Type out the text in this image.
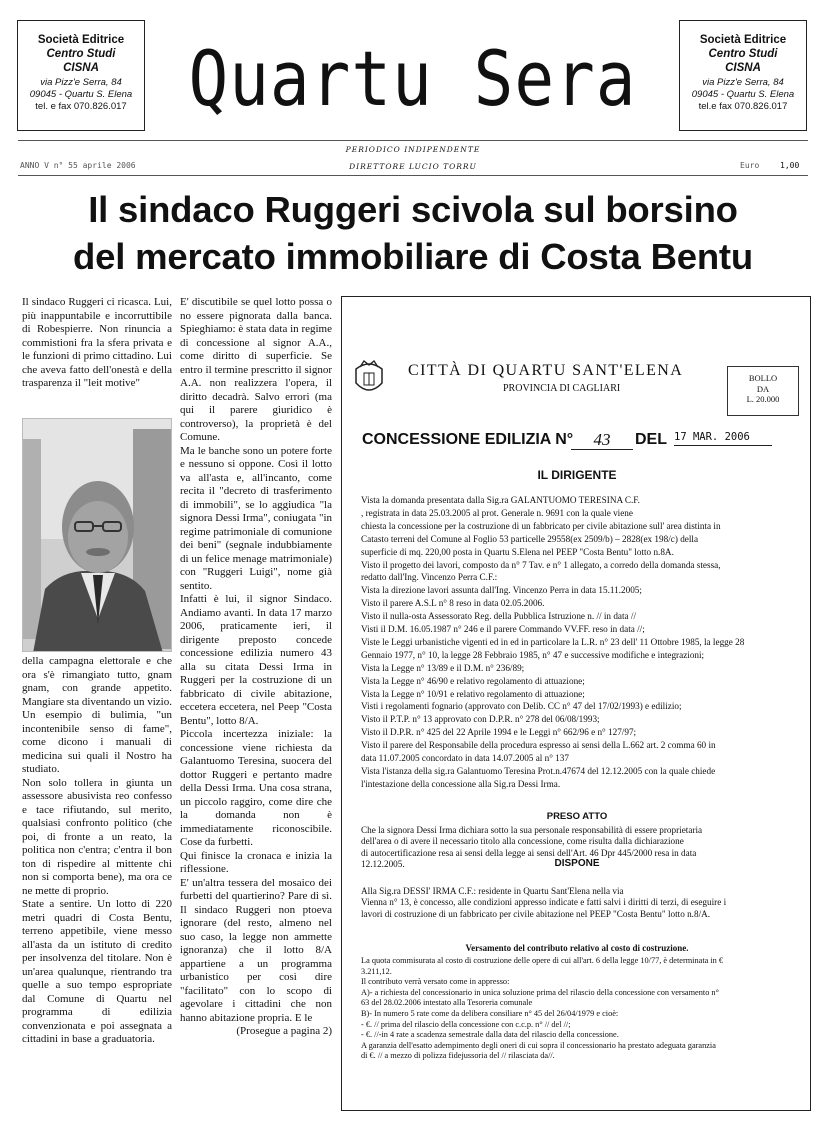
Società Editrice
Centro Studi
CISNA
via Pizz'e Serra, 84
09045 - Quartu S. Elena
tel. e fax 070.826.017 Quartu Sera	Società Editrice
Centro Studi
CISNA
via Pizz'e Serra, 84
09045 - Quartu S. Elena
tel.e fax 070.826.017
PERIODICO INDIPENDENTE
DIRETTORE LUCIO TORRU
ANNO V n° 55 aprile 2006	Euro	1,00
Il sindaco Ruggeri scivola sul borsino
del mercato immobiliare di Costa Bentu

Il sindaco Ruggeri ci ricasca. Lui, più inappuntabile e incorruttibile di Robespierre. Non rinuncia a commistioni fra la sfera privata e le funzioni di primo cittadino. Lui che aveva fatto dell'onestà e della trasparenza il "leit motive"

della campagna elettorale e che ora s'è rimangiato tutto, gnam gnam, con grande appetito. Mangiare sta diventando un vizio. Un esempio di bulimia, "un incontenibile senso di fame", come dicono i manuali di medicina sui quali il Nostro ha studiato.

Non solo tollera in giunta un assessore abusivista reo confesso e tace rifiutando, sul merito, qualsiasi confronto politico (che poi, di fronte a un reato, la politica non c'entra; c'entra il bon ton di rispedire al mittente chi non si comporta bene), ma ora ce ne mette di proprio.

State a sentire. Un lotto di 220 metri quadri di Costa Bentu, terreno appetibile, viene messo all'asta da un istituto di credito per insolvenza del titolare. Non è un'area qualunque, rientrando tra quelle a suo tempo espropriate dal Comune di Quartu nel programma di edilizia convenzionata e poi assegnata a cittadini in base a graduatoria.

E' discutibile se quel lotto possa o no essere pignorata dalla banca. Spieghiamo: è stata data in regime di concessione al signor A.A., come diritto di superficie. Se entro il termine prescritto il signor A.A. non realizzera l'opera, il diritto decadrà. Salvo errori (ma qui il parere giuridico è controverso), la proprietà è del Comune.

Ma le banche sono un potere forte e nessuno si oppone. Così il lotto va all'asta e, all'incanto, come recita il "decreto di trasferimento di immobili", se lo aggiudica "la signora Dessi Irma", coniugata "in regime patrimoniale di comunione dei beni" (segnale indubbiamente di un felice menage matrimoniale) con "Ruggeri Luigi", nome già sentito.

Infatti è lui, il signor Sindaco. Andiamo avanti. In data 17 marzo 2006, praticamente ieri, il dirigente preposto concede concessione edilizia numero 43 alla su citata Dessi Irma in Ruggeri per la costruzione di un fabbricato di civile abitazione, eccetera eccetera, nel Peep "Costa Bentu", lotto 8/A.

Piccola incertezza iniziale: la concessione viene richiesta da Galantuomo Teresina, suocera del dottor Ruggeri e pertanto madre della Dessi Irma. Una cosa strana, un piccolo raggiro, come dire che la domanda non è immediatamente riconoscibile. Cose da furbetti.

Qui finisce la cronaca e inizia la riflessione.

E' un'altra tessera del mosaico dei furbetti del quartierino? Pare di sì. Il sindaco Ruggeri non ptoeva ignorare (del resto, almeno nel suo caso, la legge non ammette ignoranza) che il lotto 8/A appartiene a un programma urbanistico per così dire "facilitato" con lo scopo di agevolare i cittadini che non hanno abitazione propria. E le

(Prosegue a pagina 2)

CITTÀ DI QUARTU SANT'ELENA
PROVINCIA DI CAGLIARI
BOLLO
DA
L. 20.000
CONCESSIONE EDILIZIA N°	43	DEL 17 MAR. 2006
IL DIRIGENTE
Vista la domanda presentata dalla Sig.ra GALANTUOMO TERESINA C.F.
, registrata in data 25.03.2005 al prot. Generale n. 9691 con la quale viene
chiesta la concessione per la costruzione di un fabbricato per civile abitazione sull' area distinta in
Catasto terreni del Comune al Foglio 53 particelle 29558(ex 2509/b) – 2828(ex 198/c) della
superficie di mq. 220,00 posta in Quartu S.Elena nel PEEP "Costa Bentu" lotto n.8A.
Visto il progetto dei lavori, composto da n° 7 Tav. e n° 1 allegato, a corredo della domanda stessa,
redatto dall'Ing. Vincenzo Perra C.F.:
Vista la direzione lavori assunta dall'Ing. Vincenzo Perra in data 15.11.2005;
Visto il parere A.S.L n° 8 reso in data 02.05.2006.
Visto il nulla-osta Assessorato Reg. della Pubblica Istruzione n. // in data //
Visti il D.M. 16.05.1987 n° 246 e il parere Commando VV.FF. reso in data //;
Viste le Leggi urbanistiche vigenti ed in ed in particolare la L.R. n° 23 dell' 11 Ottobre 1985, la legge 28
Gennaio 1977, n° 10, la legge 28 Febbraio 1985, n° 47 e successive modifiche e integrazioni;
Vista la Legge n° 13/89 e il D.M. n° 236/89;
Vista la Legge n° 46/90 e relativo regolamento di attuazione;
Vista la Legge n° 10/91 e relativo regolamento di attuazione;
Visti i regolamenti fognario (approvato con Delib. CC n° 47 del 17/02/1993) e edilizio;
Visto il P.T.P. n° 13 approvato con D.P.R. n° 278 del 06/08/1993;
Visto il D.P.R. n° 425 del 22 Aprile 1994 e le Leggi n° 662/96 e n° 127/97;
Visto il parere del Responsabile della procedura espresso ai sensi della L.662 art. 2 comma 60 in
data 11.07.2005 concordato in data 14.07.2005 al n° 137
Vista l'istanza della sig.ra Galantuomo Teresina Prot.n.47674 del 12.12.2005 con la quale chiede
l'intestazione della concessione alla Sig.ra Dessi Irma.
PRESO ATTO
Che la signora Dessi Irma dichiara sotto la sua personale responsabilità di essere proprietaria
dell'area o di avere il necessario titolo alla concessione, come risulta dalla dichiarazione
di autocertificazione resa ai sensi della legge ai sensi dell'Art. 46 Dpr 445/2000 resa in data
12.12.2005.	DISPONE
Alla Sig.ra DESSI' IRMA C.F.: residente in Quartu Sant'Elena nella via
Vienna n° 13, è concesso, alle condizioni appresso indicate e fatti salvi i diritti di terzi, di eseguire i
lavori di costruzione di un fabbricato per civile abitazione nel PEEP "Costa Bentu" lotto n.8/A.
Versamento del contributo relativo al costo di costruzione.
La quota commisurata al costo di costruzione delle opere di cui all'art. 6 della legge 10/77, è determinata in €
3.211,12.
Il contributo verrà versato come in appresso:
A)- a richiesta del concessionario in unica soluzione prima del rilascio della concessione con versamento n°
63 del 28.02.2006 intestato alla Tesoreria comunale
B)- In numero 5 rate come da delibera consiliare n° 45 del 26/04/1979 e cioè:
- €. // prima del rilascio della concessione con c.c.p. n° // del //;
- €. //-in 4 rate a scadenza semestrale dalla data del rilascio della concessione.
A garanzia dell'esatto adempimento degli oneri di cui sopra il concessionario ha prestato adeguata garanzia
di €. // a mezzo di polizza fidejussoria del // rilasciata da//.
